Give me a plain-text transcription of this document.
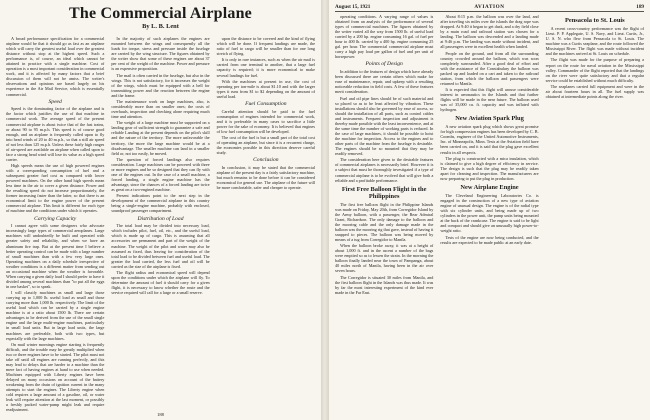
The Commercial Airplane
By L. B. Lent

A broad performance specification for a commercial airplane would be that it should go as fast as an airplane which will carry the greatest useful load over the greatest distance without stop at the highest speed. Such a performance is, of course, an ideal which cannot be attained in practice with a single machine. Cost of operation is a most important consideration in commercial work, and it is affected by many factors that a brief discussion of them will not be amiss. The writer's observations and opinions are based largely on his experience in the Air Mail Service, which is essentially commercial.

Speed

Speed is the dominating factor of the airplane and is the factor which justifies the use of that machine in commercial work. The average speed of the present commercial airplane is about twice that of the fast trains, or about 90 to 95 m.p.h. This speed is of course good enough, and an airplane is frequently called upon to fly into head winds of 20 to 40 m.p.h., so that a still air speed of not less than 125 m.p.h. Unless these fairly high ranges of air-speed are available an airplane when called upon to face a strong head wind will lose its value as a high speed carrier.

High speeds mean the use of high powered engines with a corresponding consumption of fuel and a subsequent greater fuel cost as compared with lower powered machines. On the other hand high speeds mean less time in the air to cover a given distance. Power and the resulting speed do not increase proportionately, the former increasing faster than the latter, so that there is an economical limit to the engine power of the present commercial airplane. This limit is different for each type of machine and the conditions under which it operates.

Carrying Capacity

I cannot agree with some designers who advocate increasingly large types of commercial aeroplanes. Large machines will undoubtedly be built and operated with greater safety and reliability, and when we have an aluminum fire trap. But at the present time I believe a better operating control can be made with a large number of small machines than with a few very large ones. Operating machines on a daily schedule irrespective of weather conditions is a different matter from sending out an occasional machine when the weather is favorable. When carrying a given daily load I should prefer to have it divided among several machines than "to put all the eggs in one basket", so to speak.

I will classify machines as small and large those carrying up to 1,000 lb. useful load as small and those carrying more than 1,000 lb. respectively. The limit of the useful load which can be carried by a single engine machine is at a ratio about 1500 lb. There are certain advantages to be derived from the use of the small single engine and the large multi-engine machines, particularly in small load units. But in large load units, the large machines are preferable, both with two types, but especially with the large machines.

On mail winter mornings engine starting is frequently difficult, and the trouble may be greatly multiplied when two or three engines have to be started. The pilot must not take off until all engines are running perfectly, and this may lead to delays that are harder to a machine than the mere fact of having engines at hand to use when needed. Machines equipped with Liberty engines have been delayed on many occasions on account of the battery weakening from the drain of ignition current in the many attempts to start the engines. The Liberty engine when cold requires a large amount of a gasoline, oil, or water leak will require attention at the last moment, or possibly a freshly packed water-pump might leak and require readjustment.

In the majority of such airplanes the engines are mounted between the wings and consequently all the loads for torque, stress and pressure inside the fuselage are carried by the wing structure. The figures obtained by the writer show that some of these engines are about 37 per cent of the weight of the machine. Power and pressure is an expensive proposition.

The mail is often carried in the fuselage, but also in the wings. This is not satisfactory, for it increases the weight of the wings, which must be equipped with a bell for transmitting power and the reaction between the engine and the frame.

The maintenance work on large machines, also, is considerably more than on smaller ones; the costs of overhauls, inspection and checking alone requiring much time and attention.

The weight of a large machine must be supported on a landing gear of sufficient strength to guarantee a safe and reliable Landing at the present depends on the pilot's skill and the nature of the territory. The more unfavorable the territory, the more the large machine would be at a disadvantage. The smaller machine can land in a smaller field or, not too easily, be moved.

The question of forced landings also requires consideration. Large machines can be powered with three or more engines and be so designed that they can fly with one of the engines out. In the case of a small machine, a forced landing, a single engine machine has the advantage, since the chances of a forced landing are twice as great on a two-engined machine.

Present indications point to the next step in the development of the commercial airplane in this country being a single-engine machine, probably with enclosed, soundproof passenger compartment.

Distribution of Load

The total load may be divided into necessary load, which includes pilot, fuel, oil, etc., and the useful load, which is made up of cargo. This is assuming that all accessories are permanent and part of the weight of the machine. The weight of the pilot and water may also be assumed as fixed, thus leaving for consideration of the total load to be divided between fuel and useful load. The greater the load carried, the less fuel and oil will be carried as the size of the airplane is fixed.

The flight radius and economical speed will depend upon the conditions under which the airplane will fly. To determine the amount of fuel it should carry for a given flight, it is necessary to know whether the route and the service required will call for a large or a small reserve.

upon the distance to be covered and the kind of flying which will be done. If frequent landings are made, the ratio of fuel to cargo will be smaller than for one long stretch of flying.

It is only in rare instances, such as when the air mail is carried from one terminal to another, that a large fuel capacity is required; it is more economical to make several landings for fuel.

With the machines at present in use, the cost of operating per ton-mile is about $1.10 and with the larger types it runs from $1 to $2 depending on the amount of useful load.

Fuel Consumption

Careful attention should be paid to the fuel consumption of engines intended for commercial work, and it is preferable in many cases to sacrifice a little power for the sake of economy. It is believed that engines of low fuel consumption will be developed.

The cost of the fuel is but a small part of the total cost of operating an airplane, but since it is a recurrent charge, the economies possible in this direction deserve careful study.

Conclusion

In conclusion, it may be stated that the commercial airplane of the present day is a fairly satisfactory machine, but much remains to be done before it can be considered economical for general use. The airplane of the future will be more comfortable, safer and cheaper to operate.

188
August 15, 1921	AVIATION	189

operating conditions. A varying range of values is obtained from an analysis of the performance of several types of commercial machines. The figures obtained by the writer varied all the way from 1500 lb. of useful load carried by a 200 hp. engine consuming 16 gal. of fuel per hour to 400 lb. carried by a 400 hp. engine consuming 25 gal. per hour. The commercial commercial airplane must carry a high pay load per gallon of fuel and per unit of horsepower.

Points of Design

In addition to the features of design which have already been discussed there are certain others which make for ease of maintenance, repair, and upkeep with a resulting noticeable reduction in field costs. A few of these features merit consideration.

Fuel and oil pipe lines should be of such material and so placed so as to be least affected by vibration. These installations should also be governed by ease of access, so should the installation of all parts, such as control cables and instruments. Frequent inspection and adjustment is thereby made possible with the least inconvenience, and at the same time the number of working parts is reduced. In the case of large machines, it should be possible to hoist the machine for inspection. Access to the engines and to other parts of the machine from the fuselage is desirable. The engines should be so mounted that they may be readily removed.

The consideration here given to the desirable features of commercial airplanes is necessarily brief. However it is a subject that must be thoroughly investigated if a type of commercial airplane is to be evolved that will give both a reliable and a profitable performance.

First Free Balloon Flight in the Philippines

The first free balloon flight in the Philippine Islands was made on Friday, May 20th, from Corregidor Island by the Army balloon, with a passenger, the Rear Admiral Grant, Richardson. The only damage to the balloon and the mooring cable and the only damage made in the balloon was the mooring rig that gave, instead of having it snapped to pieces. The balloon was being moved by means of a tug from Corregidor to Manila.

When the balloon broke away, it was at a height of about 1,000 ft. and in the ascent a number of the bags were emptied so as to lessen the strain. In the morning the balloon finally landed near the town of Pampanga, about 40 miles north of Manila, having been in the air over seven hours.

The Corregidor is situated 30 miles from Manila, and the first balloon flight in the Islands was thus made. It was by far the most interesting experiment of the kind ever made in the Far East.

About 8:15 p.m. the balloon was over the land, and after traveling six miles over the islands the drag rope was dropped. At 9:40 it began to get dusk, and a dry field close by a main road and railroad station was chosen for a landing. The balloon was descended and a landing made at 9:46 p.m. The landing was made without incident, and all passengers were in excellent health when landed.

People on the ground, and from all the surrounding country crowded around the balloon, which was soon completely surrounded. After a good deal of effort and with the assistance of the Constabulary the balloon was packed up and loaded on a cart and taken to the railroad station, from which the balloon and passengers were returned to Manila.

It is expected that this flight will arouse considerable interest in aeronautics in the Islands and that further flights will be made in the near future. The balloon used was of 35,000 cu. ft. capacity and was inflated with hydrogen.

New Aviation Spark Plug

A new aviation spark plug which shows great promise for high compression engines has been developed by C. B. Coombs, engineer of the United Automotive Instruments, Inc. of Minneapolis, Minn. Tests at the Aviation field have been carried on, and it is said that the plug gave excellent results in all respects.

The plug is constructed with a mica insulation, which is claimed to give a high degree of efficiency in service. The design is such that the plug may be readily taken apart for cleaning and inspection. The manufacturers are now preparing to put the plug in production.

New Airplane Engine

The Cleveland Engineering Laboratories Co. is engaged in the construction of a new type of aviation engine of unusual design. The engine is of the radial type with six cylinder units, and being made up of two cylinders in the power unit, the pump units being mounted at the back of the crankcase. The engine is said to be light and compact and should give an unusually high power-to-weight ratio.

Tests of the engine are now being conducted, and the results are expected to be made public at an early date.

Pensacola to St. Louis

A recent cross-country performance was the flight of Lieut. P. P. Applegate, U. S. Navy, and Lieut. Curtis, Jr., U. S. N. who flew from Pensacola to St. Louis. The machine was a Curtis seaplane, and the route followed the Mississippi River. The flight was made without incident and the machines arrived at St. Louis on schedule.

The flight was made for the purpose of preparing a report on the route for naval aviation in the Mississippi valley. Commander of the flight reported that the landings on the river were quite satisfactory and that a regular service could be established without much difficulty.

The seaplanes carried full equipment and were in the air about fourteen hours in all. The fuel supply was obtained at intermediate points along the river.
